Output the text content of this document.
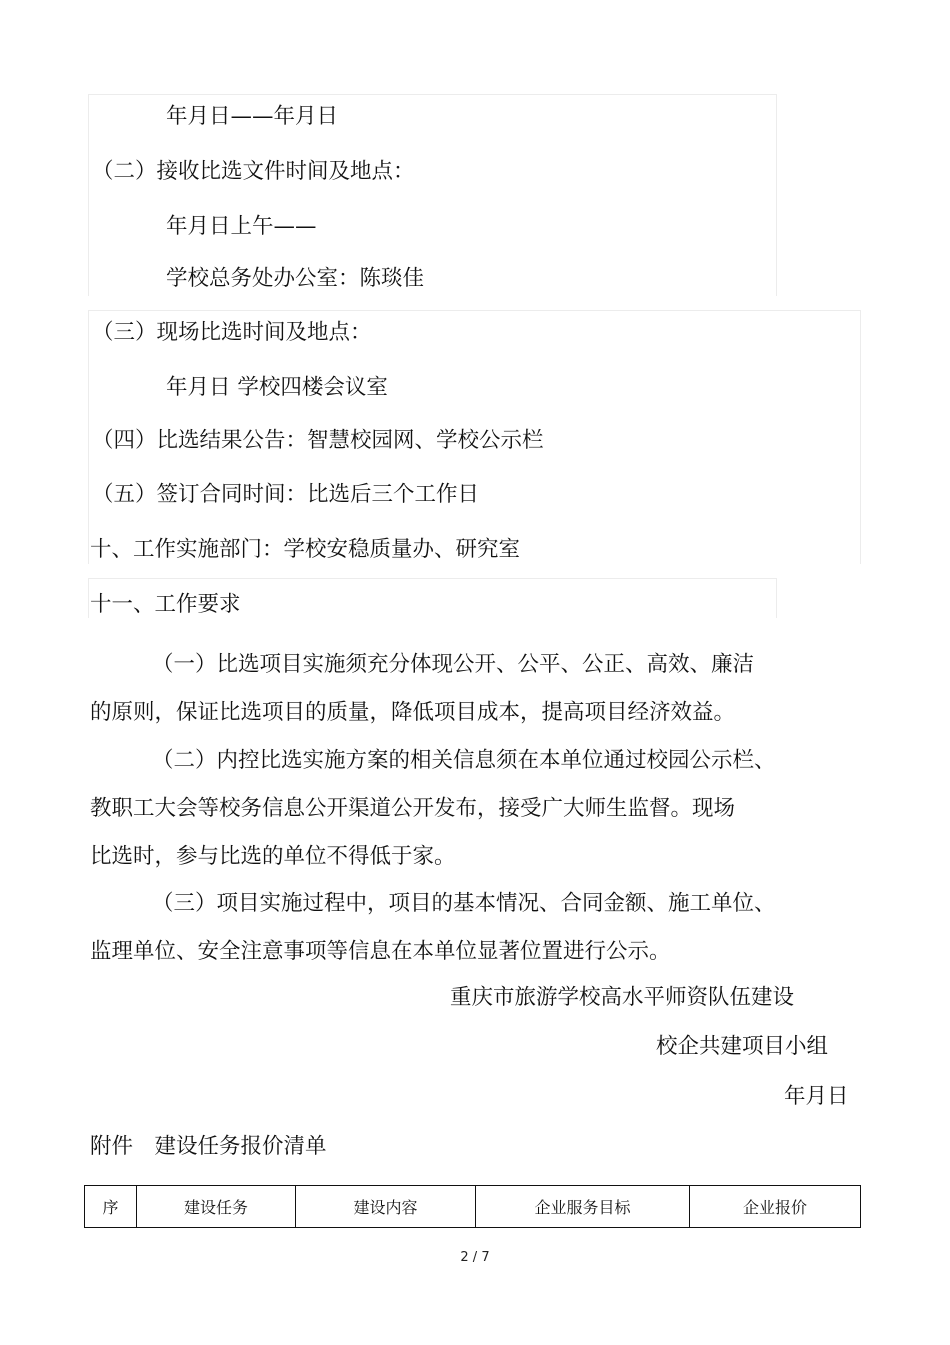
年月日——年月日
（二）接收比选文件时间及地点：
年月日上午——
学校总务处办公室：陈琰佳
（三）现场比选时间及地点：
年月日 学校四楼会议室
（四）比选结果公告：智慧校园网、学校公示栏
（五）签订合同时间：比选后三个工作日
十、工作实施部门：学校安稳质量办、研究室
十一、工作要求
（一）比选项目实施须充分体现公开、公平、公正、高效、廉洁
的原则，保证比选项目的质量，降低项目成本，提高项目经济效益。
（二）内控比选实施方案的相关信息须在本单位通过校园公示栏、
教职工大会等校务信息公开渠道公开发布，接受广大师生监督。现场
比选时，参与比选的单位不得低于家。
（三）项目实施过程中，项目的基本情况、合同金额、施工单位、
监理单位、安全注意事项等信息在本单位显著位置进行公示。
重庆市旅游学校高水平师资队伍建设
校企共建项目小组
年月日
附件　建设任务报价清单
序	建设任务	建设内容	企业服务目标	企业报价
2 / 7
